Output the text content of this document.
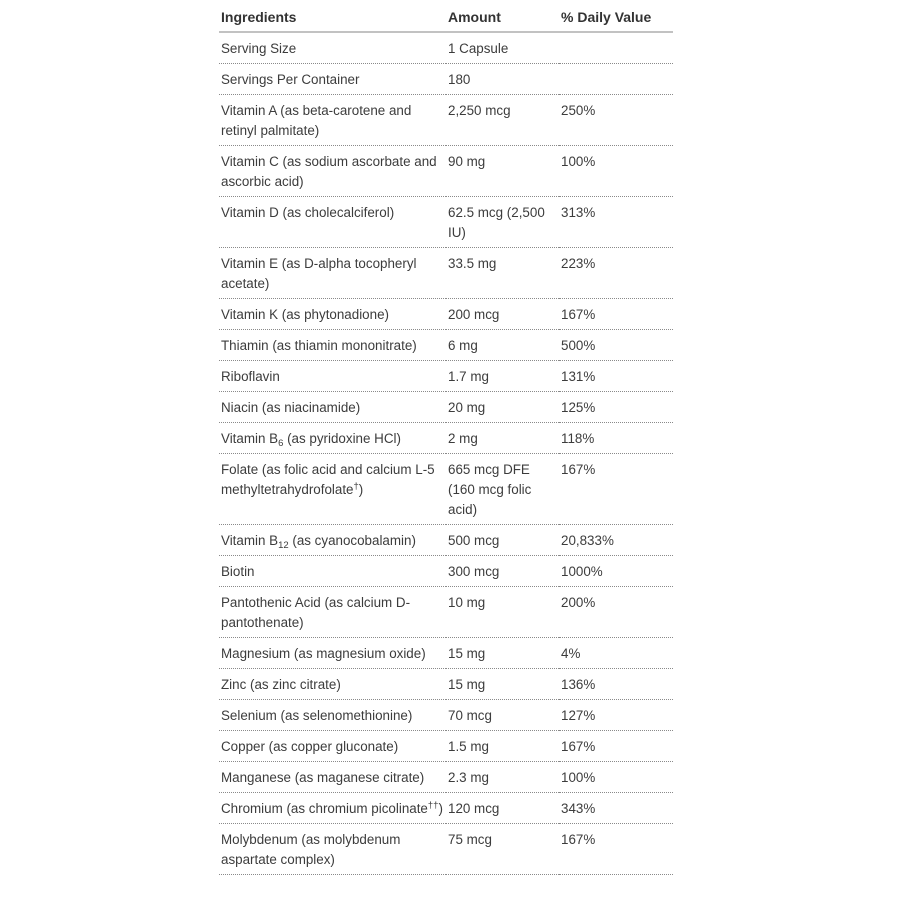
Ingredients	Amount	% Daily Value
Serving Size	1 Capsule	
Servings Per Container	180	
Vitamin A (as beta-carotene and retinyl palmitate)	2,250 mcg	250%
Vitamin C (as sodium ascorbate and ascorbic acid)	90 mg	100%
Vitamin D (as cholecalciferol)	62.5 mcg (2,500 IU)	313%
Vitamin E (as D-alpha tocopheryl acetate)	33.5 mg	223%
Vitamin K (as phytonadione)	200 mcg	167%
Thiamin (as thiamin mononitrate)	6 mg	500%
Riboflavin	1.7 mg	131%
Niacin (as niacinamide)	20 mg	125%
Vitamin $B_6$ (as pyridoxine HCl)	2 mg	118%
Folate (as folic acid and calcium L-5 methyltetrahydrofolate†)	665 mcg DFE (160 mcg folic acid)	167%
Vitamin $B_{12}$ (as cyanocobalamin)	500 mcg	20,833%
Biotin	300 mcg	1000%
Pantothenic Acid (as calcium D-pantothenate)	10 mg	200%
Magnesium (as magnesium oxide)	15 mg	4%
Zinc (as zinc citrate)	15 mg	136%
Selenium (as selenomethionine)	70 mcg	127%
Copper (as copper gluconate)	1.5 mg	167%
Manganese (as maganese citrate)	2.3 mg	100%
Chromium (as chromium picolinate††)	120 mcg	343%
Molybdenum (as molybdenum aspartate complex)	75 mcg	167%
